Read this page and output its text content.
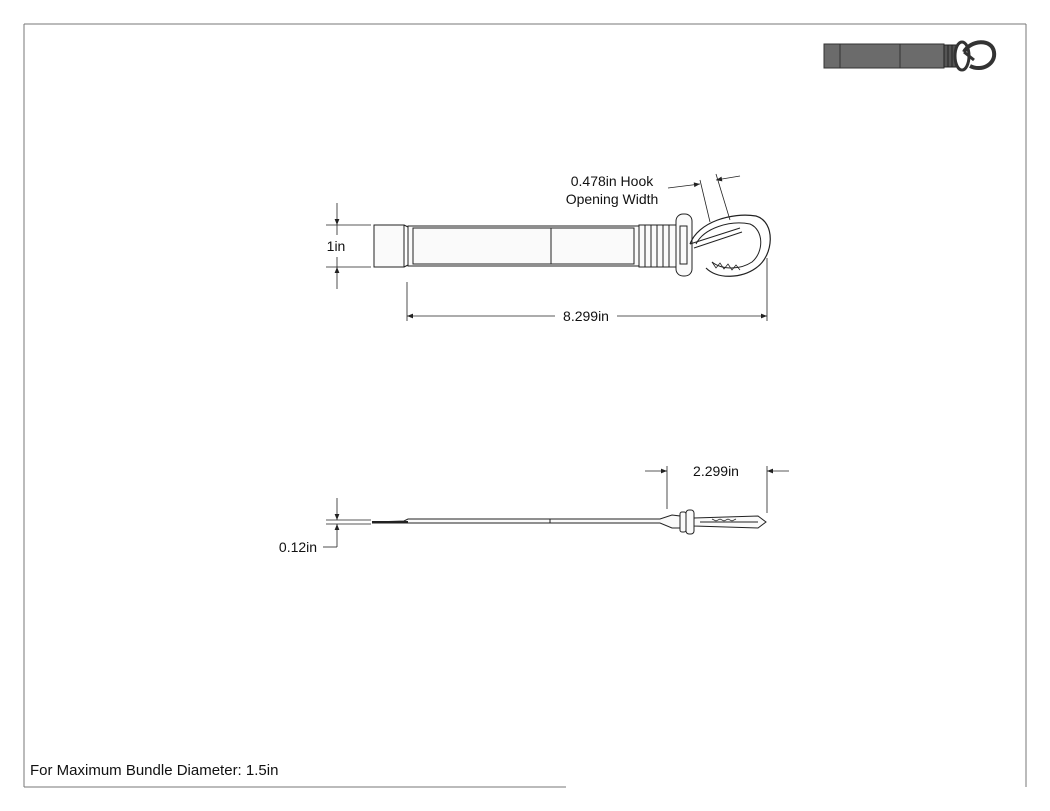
0.478in Hook
Opening Width
1in
8.299in
2.299in
0.12in
For Maximum Bundle Diameter: 1.5in
